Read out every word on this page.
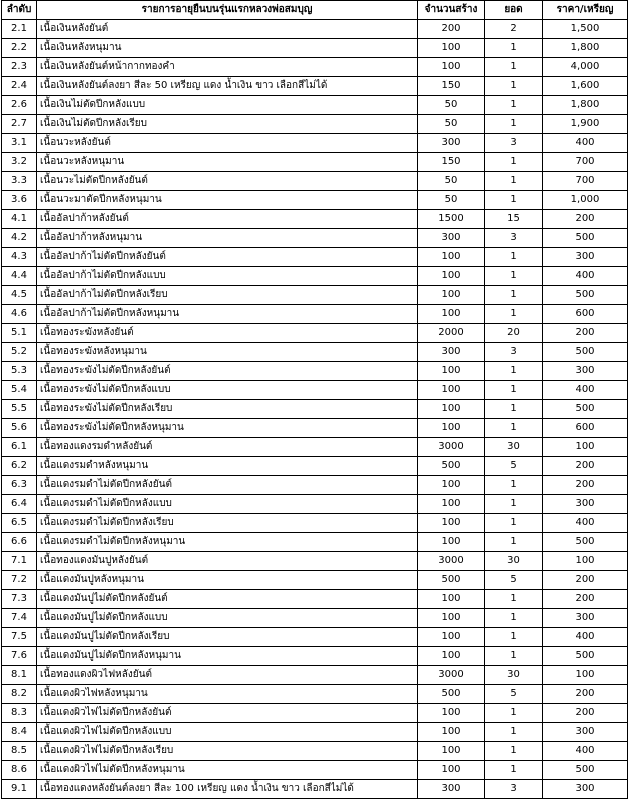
ลำดับ	รายการอายุยืนบนรุ่นแรกหลวงพ่อสมบุญ	จำนวนสร้าง	ยอด	ราคา/เหรียญ
2.1	เนื้อเงินหลังยันต์	200	2	1,500
2.2	เนื้อเงินหลังหนุมาน	100	1	1,800
2.3	เนื้อเงินหลังยันต์หน้ากากทองคำ	100	1	4,000
2.4	เนื้อเงินหลังยันต์ลงยา สีละ 50 เหรียญ แดง น้ำเงิน ขาว เลือกสีไม่ได้	150	1	1,600
2.6	เนื้อเงินไม่ตัดปีกหลังแบบ	50	1	1,800
2.7	เนื้อเงินไม่ตัดปีกหลังเรียบ	50	1	1,900
3.1	เนื้อนวะหลังยันต์	300	3	400
3.2	เนื้อนวะหลังหนุมาน	150	1	700
3.3	เนื้อนวะไม่ตัดปีกหลังยันต์	50	1	700
3.6	เนื้อนวะมาตัดปีกหลังหนุมาน	50	1	1,000
4.1	เนื้ออัลปาก้าหลังยันต์	1500	15	200
4.2	เนื้ออัลปาก้าหลังหนุมาน	300	3	500
4.3	เนื้ออัลปาก้าไม่ตัดปีกหลังยันต์	100	1	300
4.4	เนื้ออัลปาก้าไม่ตัดปีกหลังแบบ	100	1	400
4.5	เนื้ออัลปาก้าไม่ตัดปีกหลังเรียบ	100	1	500
4.6	เนื้ออัลปาก้าไม่ตัดปีกหลังหนุมาน	100	1	600
5.1	เนื้อทองระฆังหลังยันต์	2000	20	200
5.2	เนื้อทองระฆังหลังหนุมาน	300	3	500
5.3	เนื้อทองระฆังไม่ตัดปีกหลังยันต์	100	1	300
5.4	เนื้อทองระฆังไม่ตัดปีกหลังแบบ	100	1	400
5.5	เนื้อทองระฆังไม่ตัดปีกหลังเรียบ	100	1	500
5.6	เนื้อทองระฆังไม่ตัดปีกหลังหนุมาน	100	1	600
6.1	เนื้อทองแดงรมดำหลังยันต์	3000	30	100
6.2	เนื้อแดงรมดำหลังหนุมาน	500	5	200
6.3	เนื้อแดงรมดำไม่ตัดปีกหลังยันต์	100	1	200
6.4	เนื้อแดงรมดำไม่ตัดปีกหลังแบบ	100	1	300
6.5	เนื้อแดงรมดำไม่ตัดปีกหลังเรียบ	100	1	400
6.6	เนื้อแดงรมดำไม่ตัดปีกหลังหนุมาน	100	1	500
7.1	เนื้อทองแดงมันปูหลังยันต์	3000	30	100
7.2	เนื้อแดงมันปูหลังหนุมาน	500	5	200
7.3	เนื้อแดงมันปูไม่ตัดปีกหลังยันต์	100	1	200
7.4	เนื้อแดงมันปูไม่ตัดปีกหลังแบบ	100	1	300
7.5	เนื้อแดงมันปูไม่ตัดปีกหลังเรียบ	100	1	400
7.6	เนื้อแดงมันปูไม่ตัดปีกหลังหนุมาน	100	1	500
8.1	เนื้อทองแดงผิวไฟหลังยันต์	3000	30	100
8.2	เนื้อแดงผิวไฟหลังหนุมาน	500	5	200
8.3	เนื้อแดงผิวไฟไม่ตัดปีกหลังยันต์	100	1	200
8.4	เนื้อแดงผิวไฟไม่ตัดปีกหลังแบบ	100	1	300
8.5	เนื้อแดงผิวไฟไม่ตัดปีกหลังเรียบ	100	1	400
8.6	เนื้อแดงผิวไฟไม่ตัดปีกหลังหนุมาน	100	1	500
9.1	เนื้อทองแดงหลังยันต์ลงยา สีละ 100 เหรียญ แดง น้ำเงิน ขาว เลือกสีไม่ได้	300	3	300
